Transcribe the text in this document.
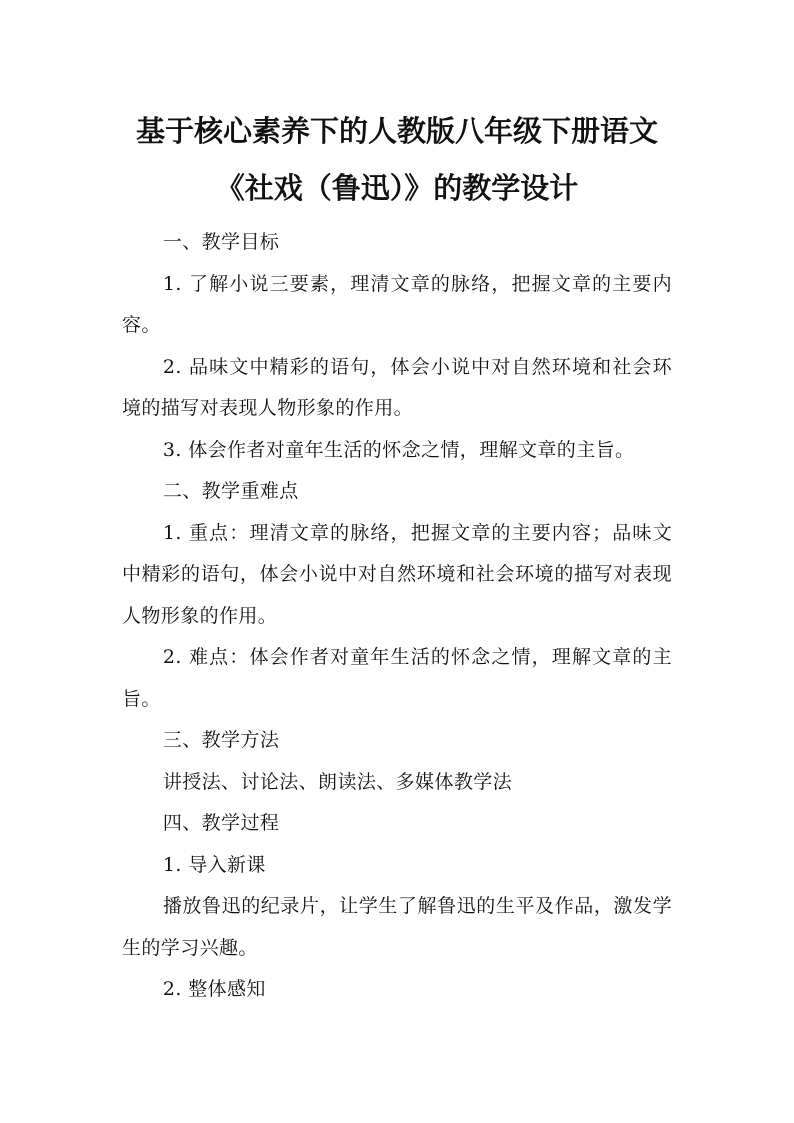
基于核心素养下的人教版八年级下册语文
《社戏（鲁迅）》的教学设计

一、教学目标

1. 了解小说三要素，理清文章的脉络，把握文章的主要内容。

2. 品味文中精彩的语句，体会小说中对自然环境和社会环境的描写对表现人物形象的作用。

3. 体会作者对童年生活的怀念之情，理解文章的主旨。

二、教学重难点

1. 重点：理清文章的脉络，把握文章的主要内容；品味文中精彩的语句，体会小说中对自然环境和社会环境的描写对表现人物形象的作用。

2. 难点：体会作者对童年生活的怀念之情，理解文章的主旨。

三、教学方法

讲授法、讨论法、朗读法、多媒体教学法

四、教学过程

1. 导入新课

播放鲁迅的纪录片，让学生了解鲁迅的生平及作品，激发学生的学习兴趣。

2. 整体感知
